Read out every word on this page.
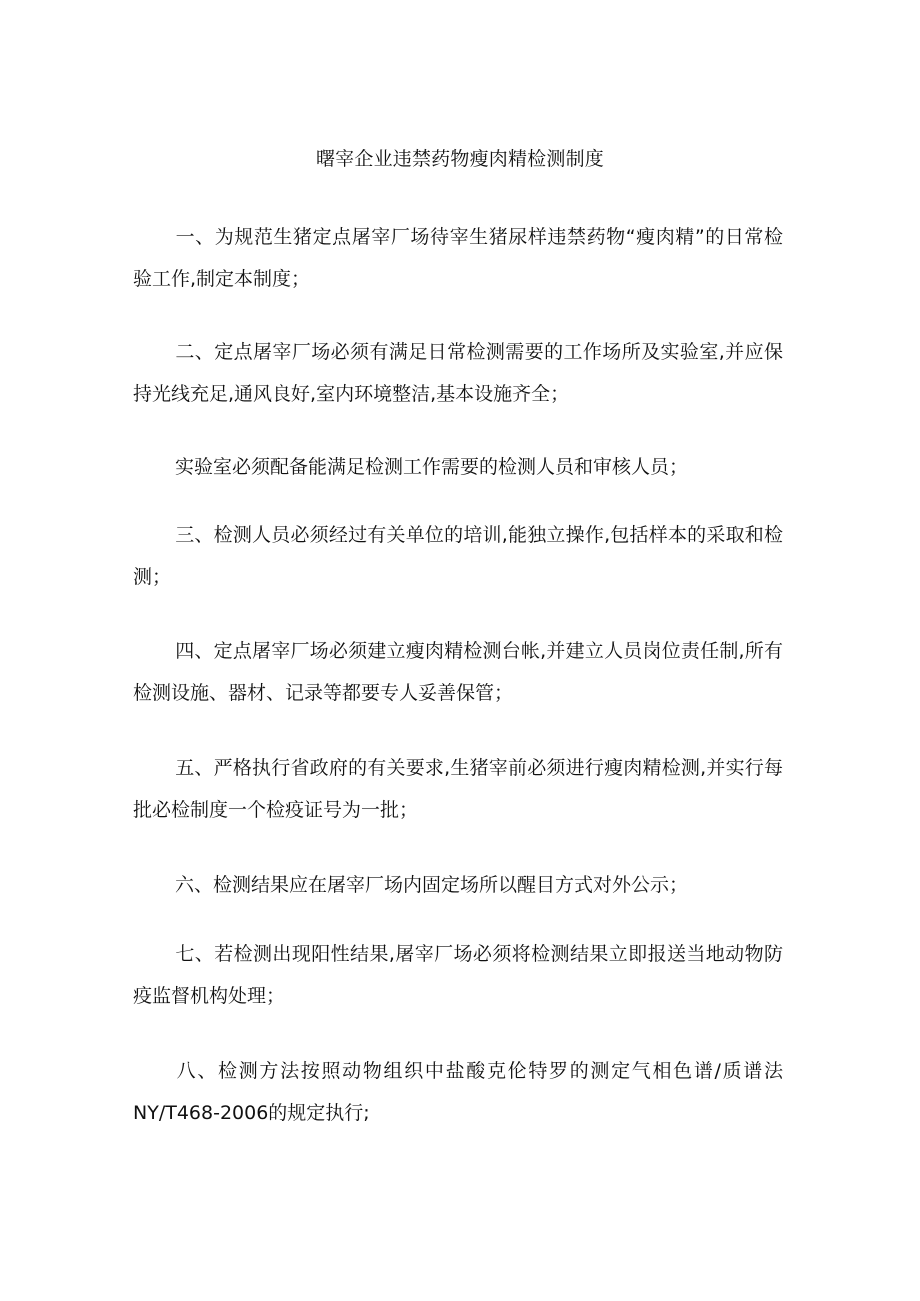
曙宰企业违禁药物瘦肉精检测制度

一、为规范生猪定点屠宰厂场待宰生猪尿样违禁药物“瘦肉精”的日常检验工作,制定本制度；

二、定点屠宰厂场必须有满足日常检测需要的工作场所及实验室,并应保持光线充足,通风良好,室内环境整洁,基本设施齐全；

实验室必须配备能满足检测工作需要的检测人员和审核人员；

三、检测人员必须经过有关单位的培训,能独立操作,包括样本的采取和检测；

四、定点屠宰厂场必须建立瘦肉精检测台帐,并建立人员岗位责任制,所有检测设施、器材、记录等都要专人妥善保管；

五、严格执行省政府的有关要求,生猪宰前必须进行瘦肉精检测,并实行每批必检制度一个检疫证号为一批；

六、检测结果应在屠宰厂场内固定场所以醒目方式对外公示；

七、若检测出现阳性结果,屠宰厂场必须将检测结果立即报送当地动物防疫监督机构处理；

八、检测方法按照动物组织中盐酸克伦特罗的测定气相色谱/质谱法NY/T468-2006的规定执行;
